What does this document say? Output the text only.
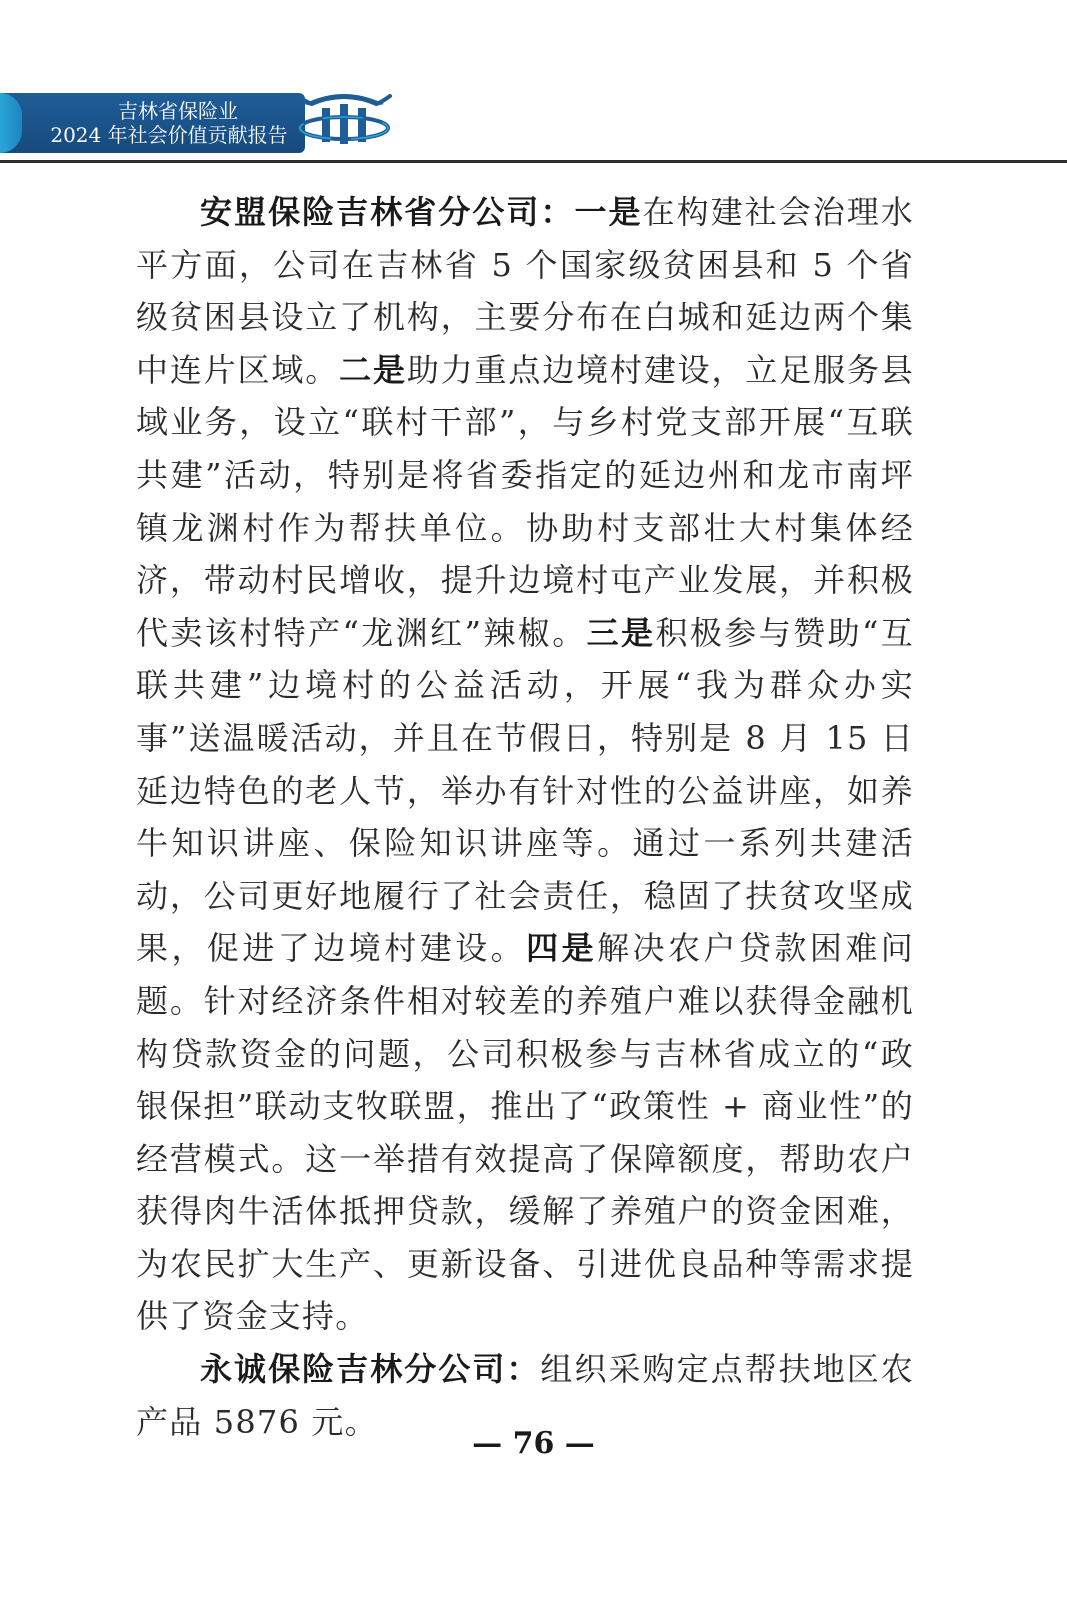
吉林省保险业
2024 年社会价值贡献报告

安盟保险吉林省分公司：一是在构建社会治理水平方面，公司在吉林省 5 个国家级贫困县和 5 个省级贫困县设立了机构，主要分布在白城和延边两个集中连片区域。二是助力重点边境村建设，立足服务县域业务，设立“联村干部”，与乡村党支部开展“互联共建”活动，特别是将省委指定的延边州和龙市南坪镇龙渊村作为帮扶单位。协助村支部壮大村集体经济，带动村民增收，提升边境村屯产业发展，并积极代卖该村特产“龙渊红”辣椒。三是积极参与赞助“互联共建”边境村的公益活动，开展“我为群众办实事”送温暖活动，并且在节假日，特别是 8 月 15 日延边特色的老人节，举办有针对性的公益讲座，如养牛知识讲座、保险知识讲座等。通过一系列共建活动，公司更好地履行了社会责任，稳固了扶贫攻坚成果，促进了边境村建设。四是解决农户贷款困难问题。针对经济条件相对较差的养殖户难以获得金融机构贷款资金的问题，公司积极参与吉林省成立的“政银保担”联动支牧联盟，推出了“政策性 + 商业性”的经营模式。这一举措有效提高了保障额度，帮助农户获得肉牛活体抵押贷款，缓解了养殖户的资金困难，为农民扩大生产、更新设备、引进优良品种等需求提供了资金支持。

永诚保险吉林分公司：组织采购定点帮扶地区农产品 5876 元。

— 76 —
